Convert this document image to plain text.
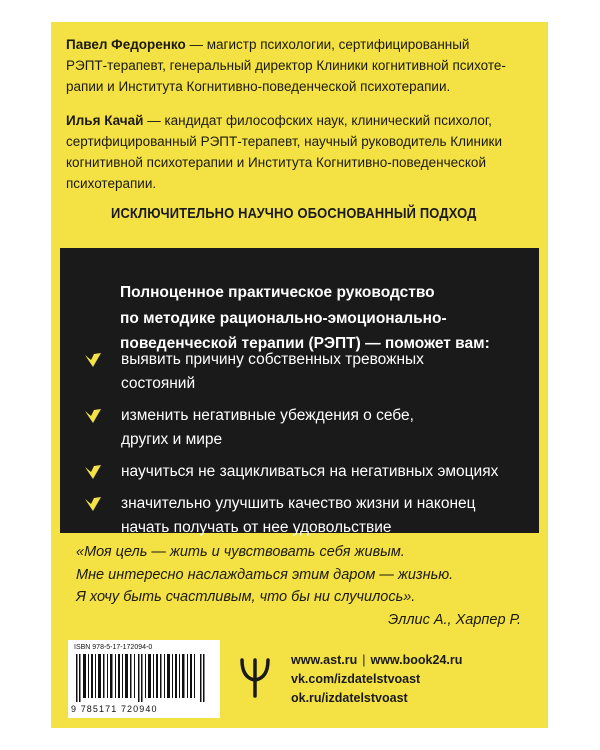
Павел Федоренко — магистр психологии, сертифицированный
РЭПТ-терапевт, генеральный директор Клиники когнитивной психоте-
рапии и Института Когнитивно-поведенческой психотерапии.

Илья Качай — кандидат философских наук, клинический психолог,
сертифицированный РЭПТ-терапевт, научный руководитель Клиники
когнитивной психотерапии и Института Когнитивно-поведенческой
психотерапии.

ИСКЛЮЧИТЕЛЬНО НАУЧНО ОБОСНОВАННЫЙ ПОДХОД

Полноценное практическое руководство
по методике рационально-эмоционально-
поведенческой терапии (РЭПТ) — поможет вам:

выявить причину собственных тревожных
состояний
изменить негативные убеждения о себе,
других и мире
научиться не зацикливаться на негативных эмоциях
значительно улучшить качество жизни и наконец
начать получать от нее удовольствие

«Моя цель — жить и чувствовать себя живым.
Мне интересно наслаждаться этим даром — жизнью.
Я хочу быть счастливым, что бы ни случилось».
Эллис А., Харпер Р.

ISBN 978-5-17-172094-0
9 785171 720940
www.ast.ru | www.book24.ru
vk.com/izdatelstvoast
ok.ru/izdatelstvoast
